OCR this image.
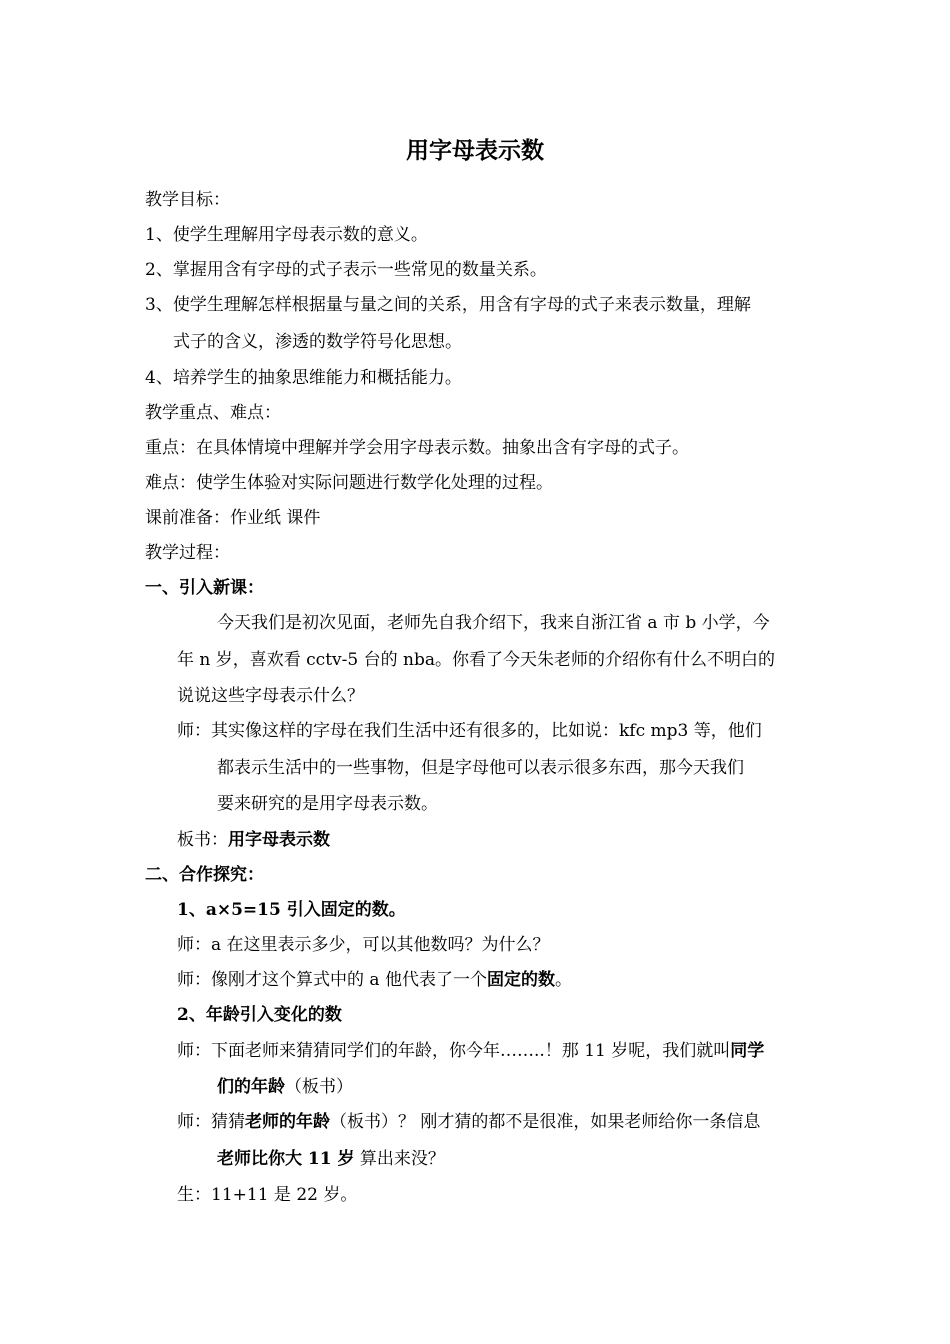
用字母表示数
教学目标：
1、使学生理解用字母表示数的意义。
2、掌握用含有字母的式子表示一些常见的数量关系。
3、使学生理解怎样根据量与量之间的关系，用含有字母的式子来表示数量，理解
式子的含义，渗透的数学符号化思想。
4、培养学生的抽象思维能力和概括能力。
教学重点、难点：
重点：在具体情境中理解并学会用字母表示数。抽象出含有字母的式子。
难点：使学生体验对实际问题进行数学化处理的过程。
课前准备：作业纸 课件
教学过程：
一、引入新课：
今天我们是初次见面，老师先自我介绍下，我来自浙江省 a 市 b 小学，今
年 n 岁，喜欢看 cctv-5 台的 nba。你看了今天朱老师的介绍你有什么不明白的
说说这些字母表示什么？
师：其实像这样的字母在我们生活中还有很多的，比如说：kfc mp3 等，他们
都表示生活中的一些事物，但是字母他可以表示很多东西，那今天我们
要来研究的是用字母表示数。
板书：用字母表示数
二、合作探究：
1、a×5=15 引入固定的数。
师：a 在这里表示多少，可以其他数吗？为什么？
师：像刚才这个算式中的 a 他代表了一个固定的数。
2、年龄引入变化的数
师：下面老师来猜猜同学们的年龄，你今年……..！那 11 岁呢，我们就叫同学
们的年龄（板书）
师：猜猜老师的年龄（板书）？ 刚才猜的都不是很准，如果老师给你一条信息
老师比你大 11 岁 算出来没？
生：11+11 是 22 岁。
